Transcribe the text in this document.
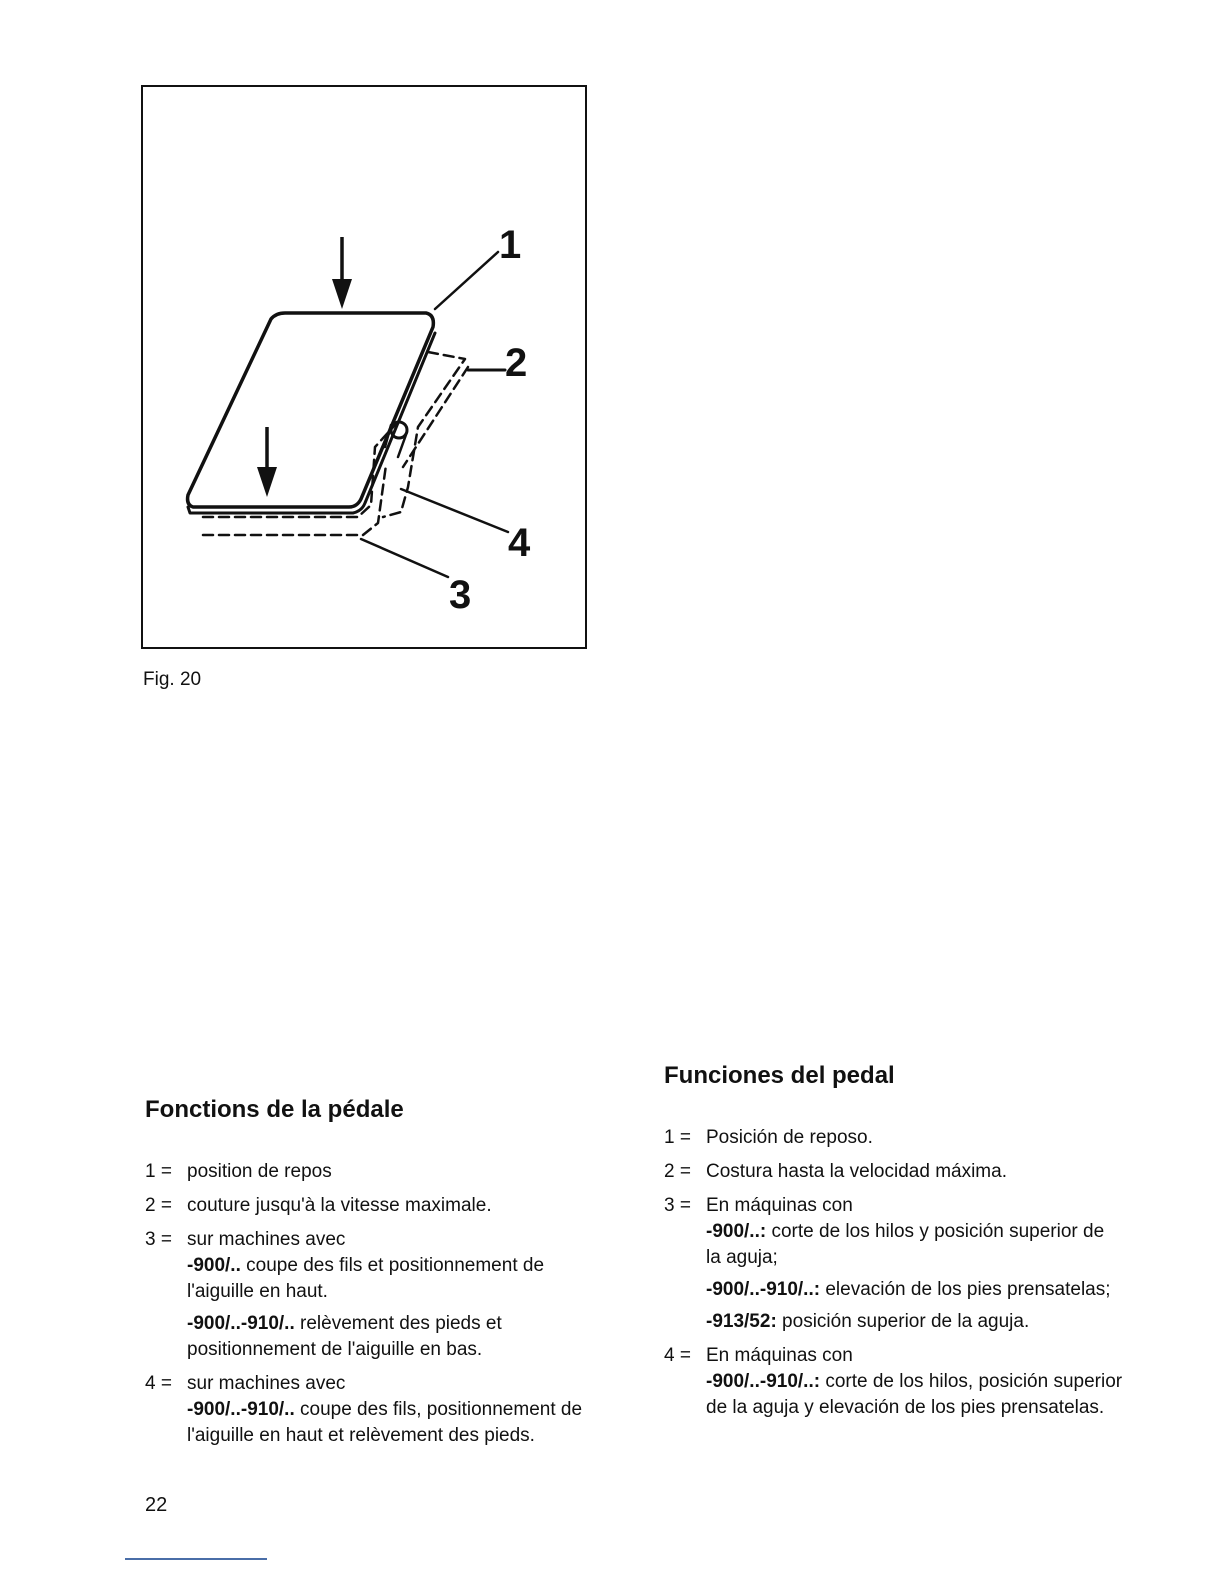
1
2
4
3
Fig. 20
Fonctions de la pédale
1 = position de repos
2 = couture jusqu'à la vitesse maximale.
3 = sur machines avec
-900/.. coupe des fils et positionnement de l'aiguille en haut.
-900/..-910/.. relèvement des pieds et positionnement de l'aiguille en bas.
4 = sur machines avec
-900/..-910/.. coupe des fils, positionnement de l'aiguille en haut et relèvement des pieds.
Funciones del pedal
1 = Posición de reposo.
2 = Costura hasta la velocidad máxima.
3 = En máquinas con
-900/..: corte de los hilos y posición superior de la aguja;
-900/..-910/..: elevación de los pies prensatelas;
-913/52: posición superior de la aguja.
4 = En máquinas con
-900/..-910/..: corte de los hilos, posición superior de la aguja y elevación de los pies prensatelas.
22
